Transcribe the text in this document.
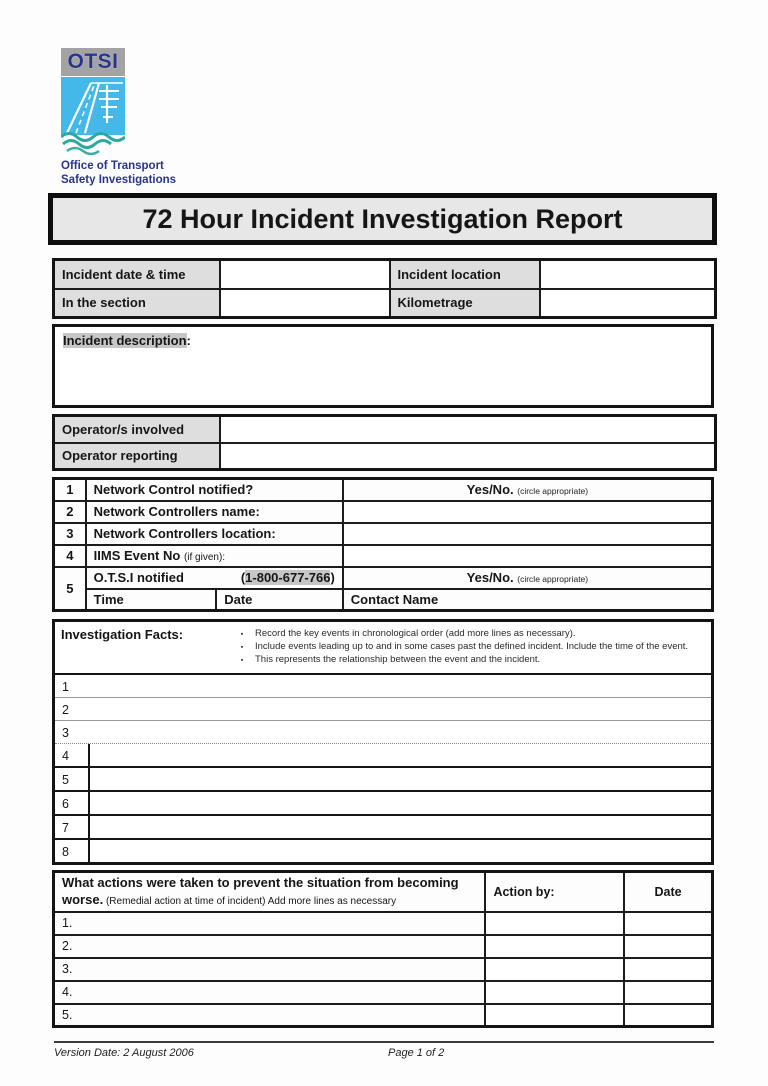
OTSI
Office of Transport
Safety Investigations
72 Hour Incident Investigation Report
Incident date & time		Incident location	
In the section		Kilometrage	
Incident description:
Operator/s involved	
Operator reporting	
1	Network Control notified?		Yes/No. (circle appropriate)
2	Network Controllers name:		
3	Network Controllers location:		
4	IIMS Event No (if given):		
5	O.T.S.I notified (1-800-677-766)		Yes/No. (circle appropriate)
	Time	Date	Contact Name
Investigation Facts:	▪	Record the key events in chronological order (add more lines as necessary).
▪	Include events leading up to and in some cases past the defined incident. Include the time of the event.
▪	This represents the relationship between the event and the incident.
1
2
3
4
5
6
7
8
What actions were taken to prevent the situation from becoming
worse. (Remedial action at time of incident) Add more lines as necessary	Action by:	Date
1.		
2.		
3.		
4.		
5.		
Version Date: 2 August 2006	Page 1 of 2
